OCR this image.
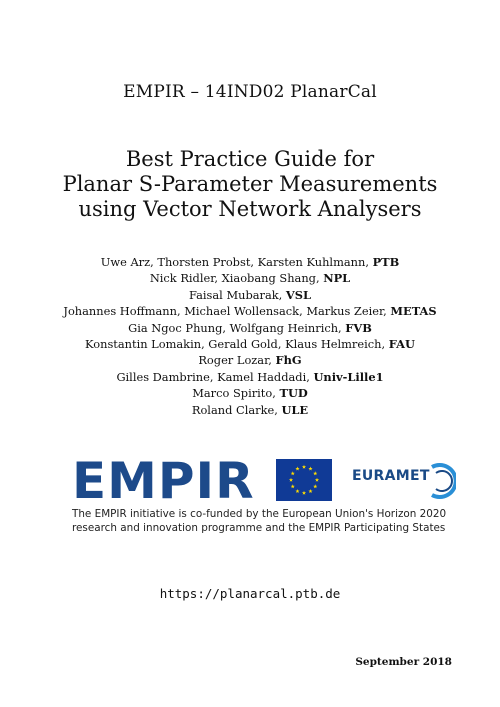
EMPIR – 14IND02 PlanarCal
Best Practice Guide for
Planar S-Parameter Measurements
using Vector Network Analysers
Uwe Arz, Thorsten Probst, Karsten Kuhlmann, PTB
Nick Ridler, Xiaobang Shang, NPL
Faisal Mubarak, VSL
Johannes Hoffmann, Michael Wollensack, Markus Zeier, METAS
Gia Ngoc Phung, Wolfgang Heinrich, FVB
Konstantin Lomakin, Gerald Gold, Klaus Helmreich, FAU
Roger Lozar, FhG
Gilles Dambrine, Kamel Haddadi, Univ-Lille1
Marco Spirito, TUD
Roland Clarke, ULE
EMPIR	EURAMET
The EMPIR initiative is co-funded by the European Union's Horizon 2020
research and innovation programme and the EMPIR Participating States
https://planarcal.ptb.de
September 2018
